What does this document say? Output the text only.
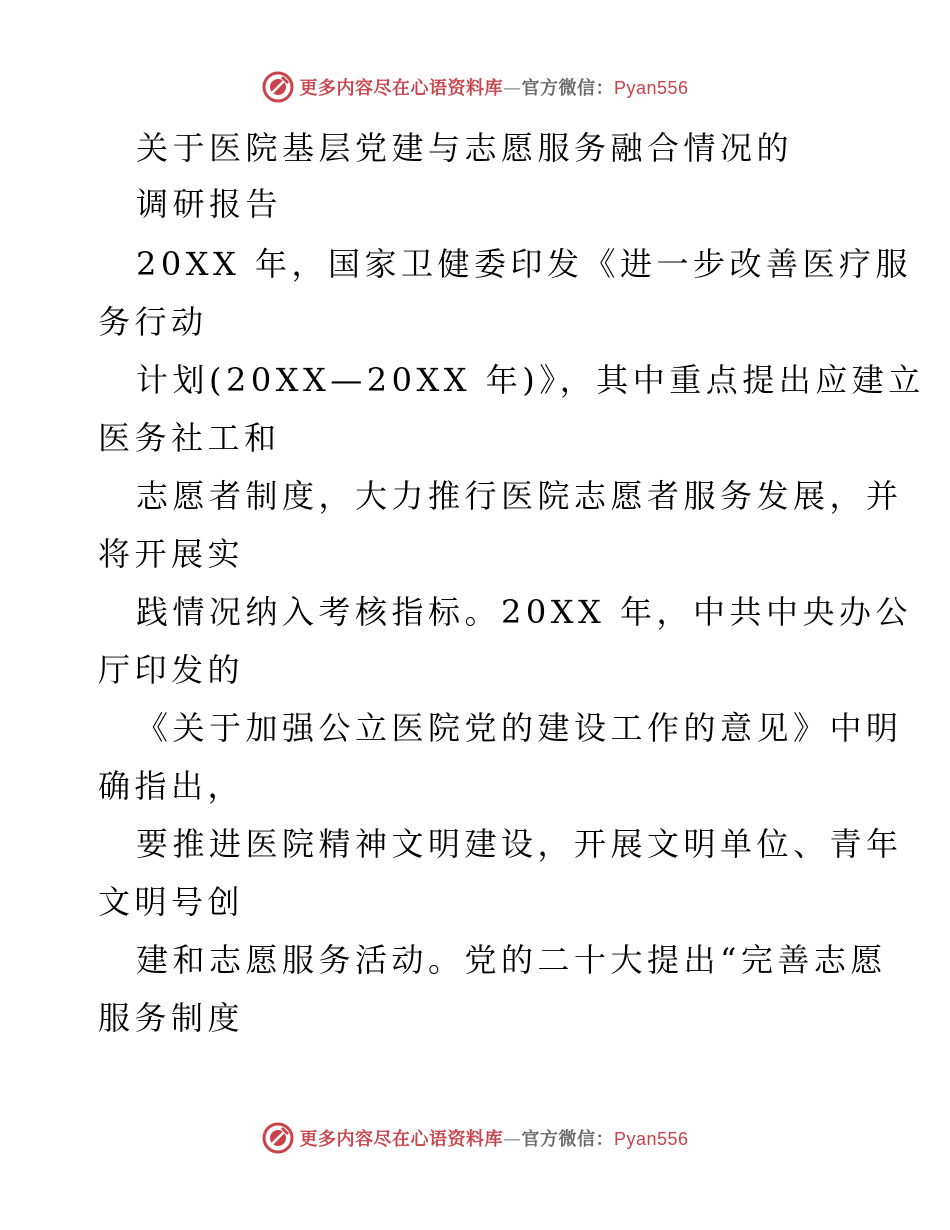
更多内容尽在心语资料库—官方微信：Pyan556
关于医院基层党建与志愿服务融合情况的
调研报告
20XX 年，国家卫健委印发《进一步改善医疗服
务行动
计划(20XX—20XX 年)》，其中重点提出应建立
医务社工和
志愿者制度，大力推行医院志愿者服务发展，并
将开展实
践情况纳入考核指标。20XX 年，中共中央办公
厅印发的
《关于加强公立医院党的建设工作的意见》中明
确指出，
要推进医院精神文明建设，开展文明单位、青年
文明号创
建和志愿服务活动。党的二十大提出“完善志愿
服务制度
更多内容尽在心语资料库—官方微信：Pyan556
